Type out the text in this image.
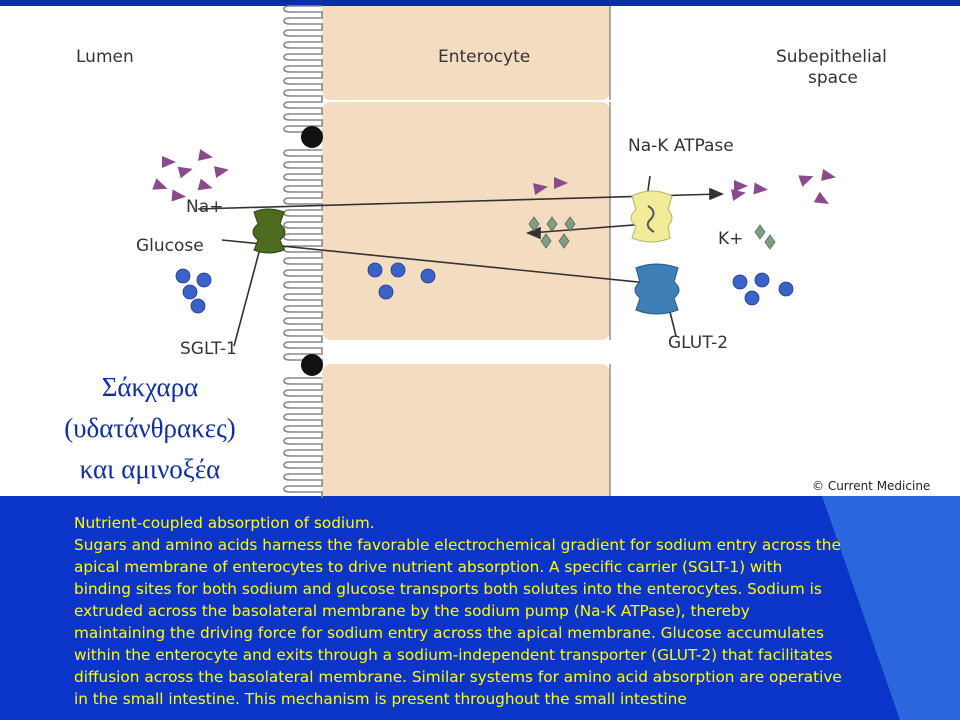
Lumen	Enterocyte	Subepithelial
space
Na-K ATPase
Na+
Glucose	K+
SGLT-1	GLUT-2
© Current Medicine
Σάκχαρα
(υδατάνθρακες)
και αμινοξέα

Nutrient-coupled absorption of sodium.

Sugars and amino acids harness the favorable electrochemical gradient for sodium entry across the

apical membrane of enterocytes to drive nutrient absorption. A specific carrier (SGLT-1) with

binding sites for both sodium and glucose transports both solutes into the enterocytes. Sodium is

extruded across the basolateral membrane by the sodium pump (Na-K ATPase), thereby

maintaining the driving force for sodium entry across the apical membrane. Glucose accumulates

within the enterocyte and exits through a sodium-independent transporter (GLUT-2) that facilitates

diffusion across the basolateral membrane. Similar systems for amino acid absorption are operative

in the small intestine. This mechanism is present throughout the small intestine
